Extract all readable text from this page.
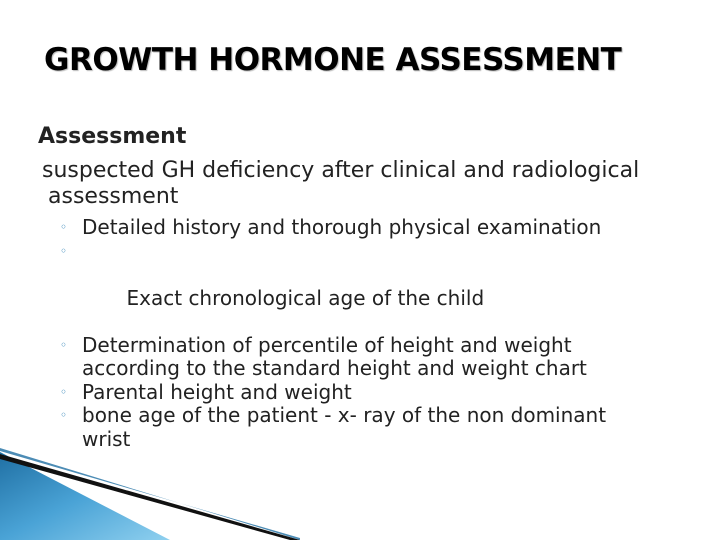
GROWTH HORMONE ASSESSMENT
Assessment
suspected GH deficiency after clinical and radiological assessment
◦ Detailed history and thorough physical examination

◦

Exact chronological age of the child

◦ Determination of percentile of height and weight according to the standard height and weight chart
◦ Parental height and weight
◦ bone age of the patient - x- ray of the non dominant wrist
